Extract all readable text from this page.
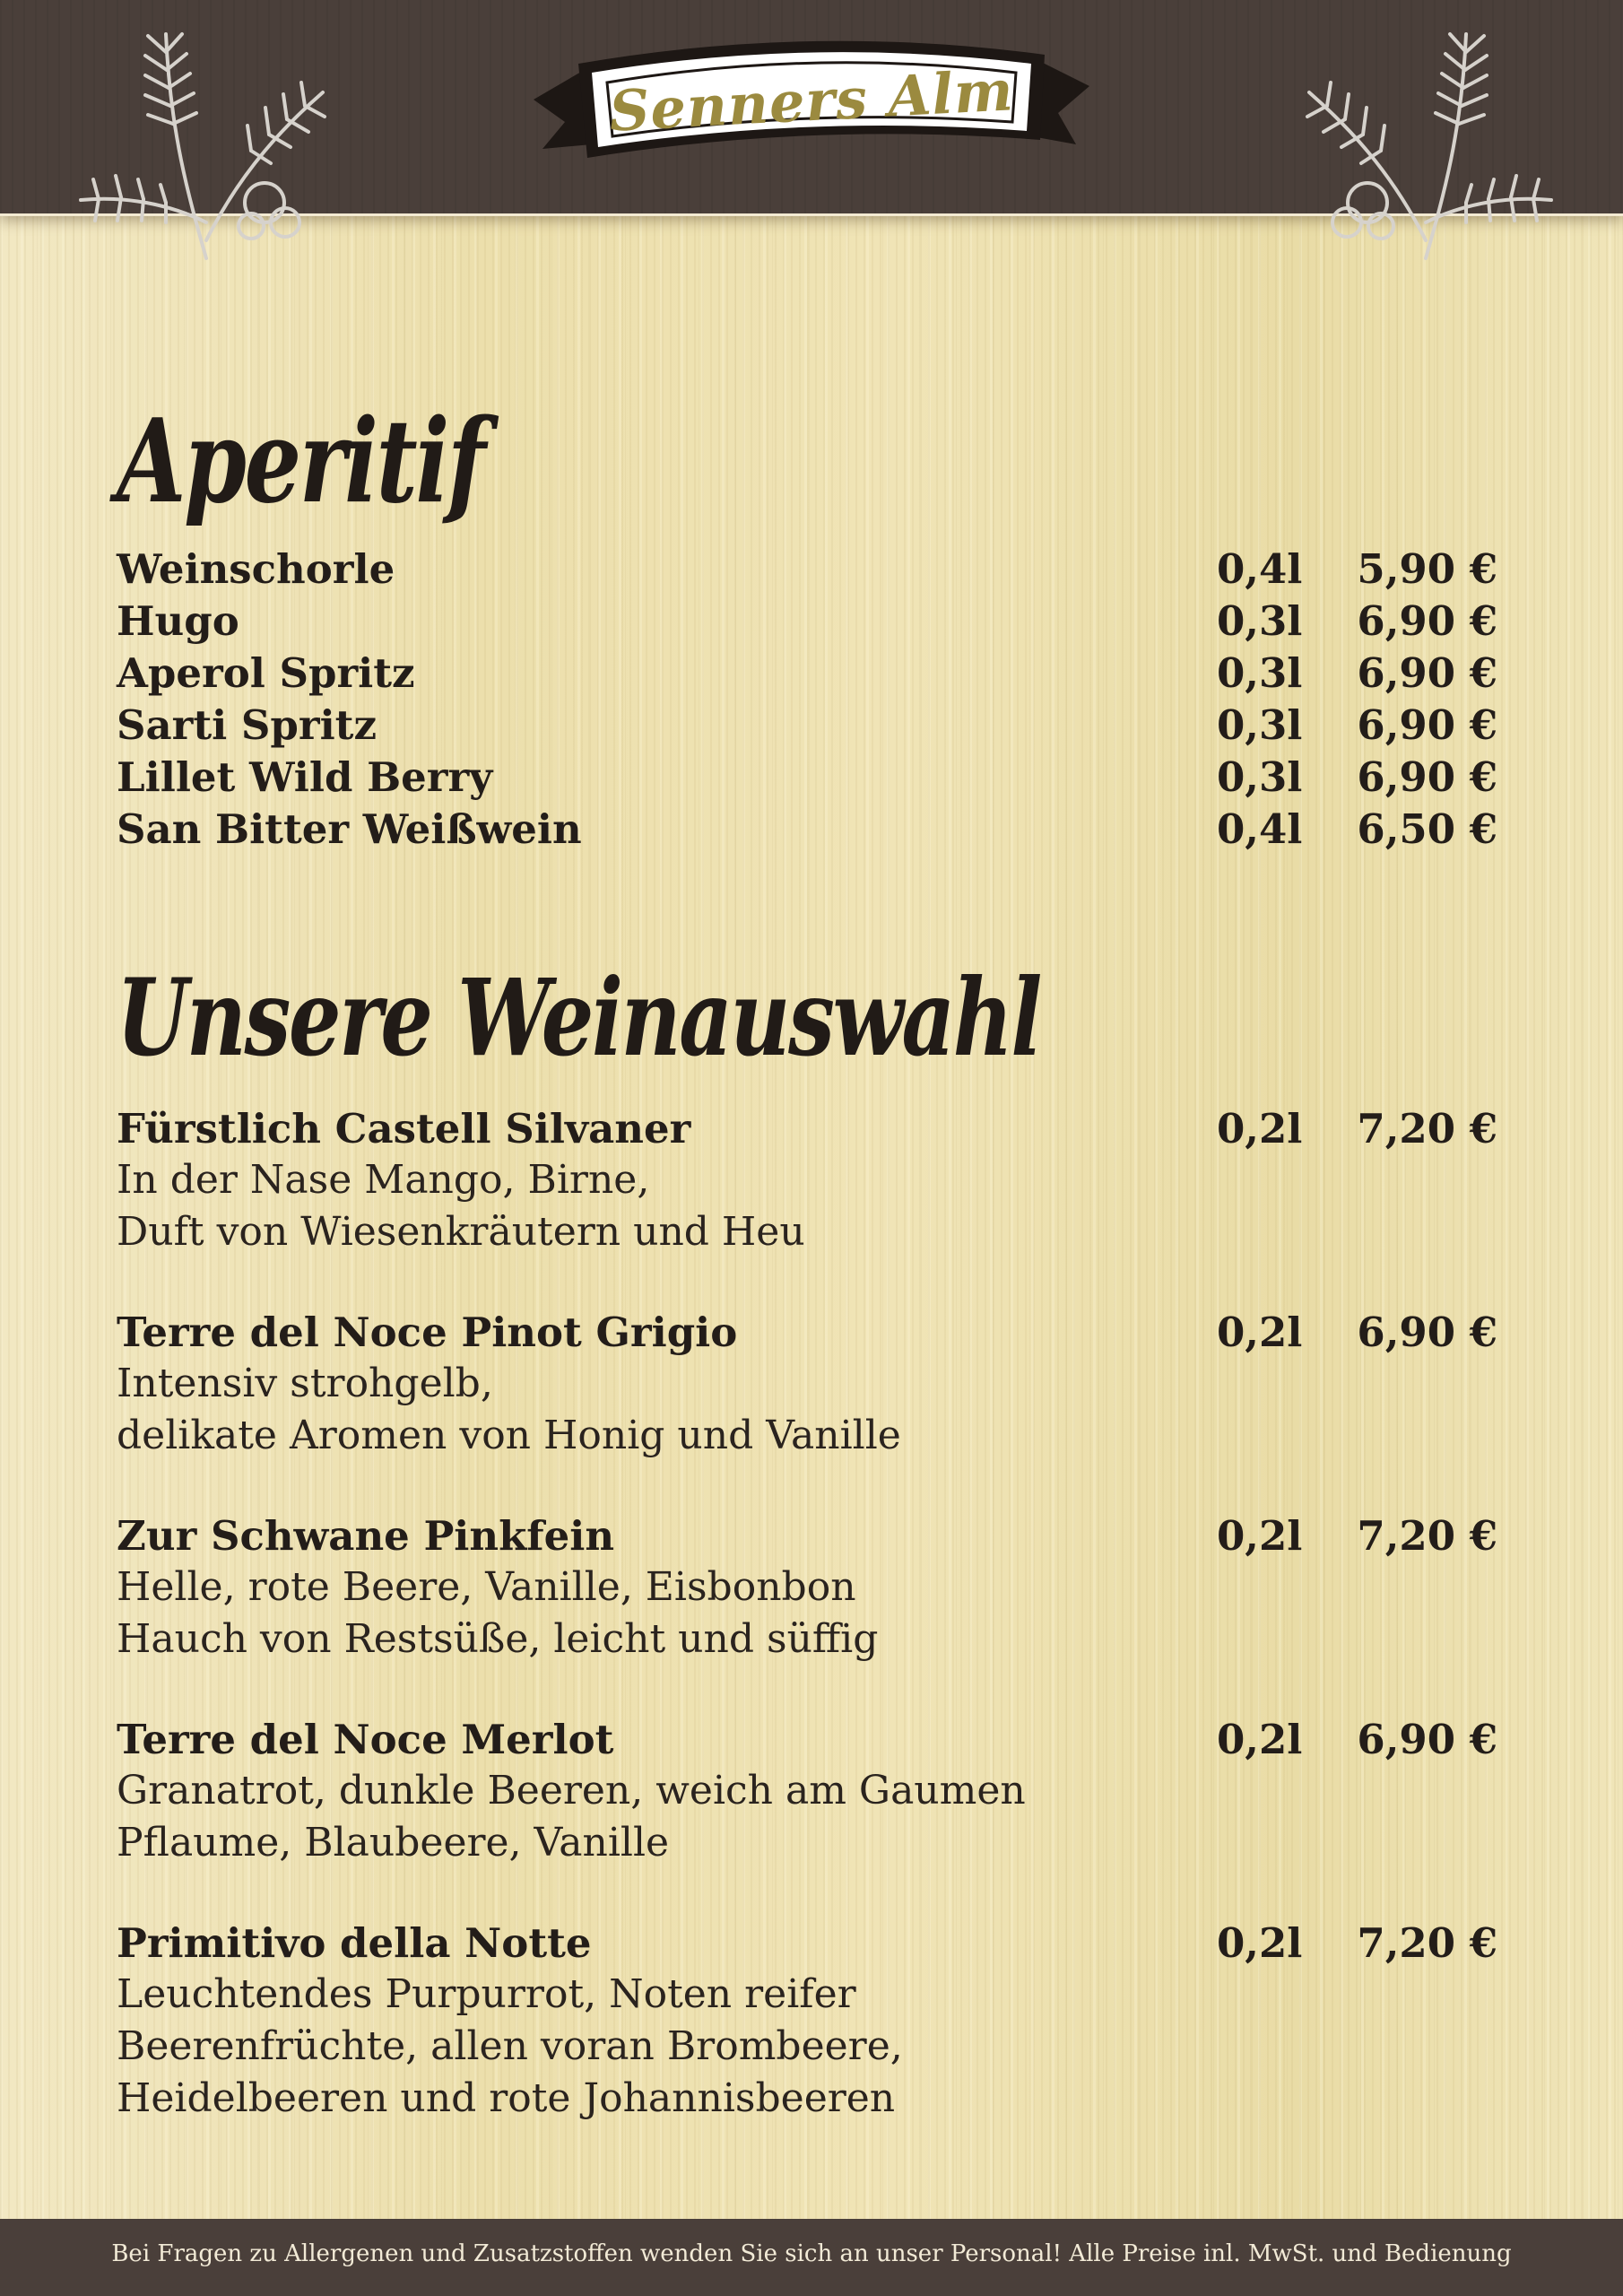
Senners Alm
Aperitif
Weinschorle	0,4l 5,90 €
Hugo	0,3l 6,90 €
Aperol Spritz	0,3l 6,90 €
Sarti Spritz	0,3l 6,90 €
Lillet Wild Berry	0,3l 6,90 €
San Bitter Weißwein	0,4l 6,50 €
Unsere Weinauswahl
Fürstlich Castell Silvaner	0,2l 7,20 €
In der Nase Mango, Birne,
Duft von Wiesenkräutern und Heu
Terre del Noce Pinot Grigio	0,2l 6,90 €
Intensiv strohgelb,
delikate Aromen von Honig und Vanille
Zur Schwane Pinkfein	0,2l 7,20 €
Helle, rote Beere, Vanille, Eisbonbon
Hauch von Restsüße, leicht und süffig
Terre del Noce Merlot	0,2l 6,90 €
Granatrot, dunkle Beeren, weich am Gaumen
Pflaume, Blaubeere, Vanille
Primitivo della Notte	0,2l 7,20 €
Leuchtendes Purpurrot, Noten reifer
Beerenfrüchte, allen voran Brombeere,
Heidelbeeren und rote Johannisbeeren
Bei Fragen zu Allergenen und Zusatzstoffen wenden Sie sich an unser Personal! Alle Preise inl. MwSt. und Bedienung
